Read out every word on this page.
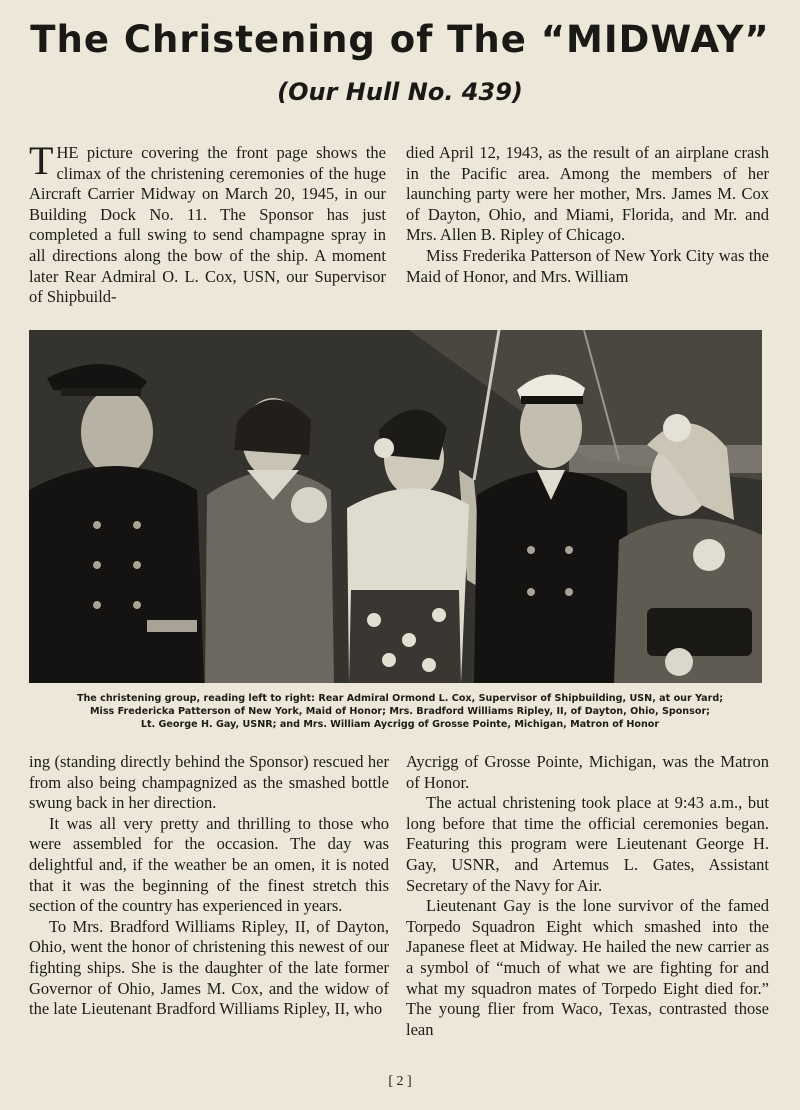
The Christening of The “MIDWAY”
(Our Hull No. 439)

THE picture covering the front page shows the climax of the christening ceremonies of the huge Aircraft Carrier Midway on March 20, 1945, in our Building Dock No. 11. The Sponsor has just completed a full swing to send champagne spray in all directions along the bow of the ship. A moment later Rear Admiral O. L. Cox, USN, our Supervisor of Shipbuild-

died April 12, 1943, as the result of an airplane crash in the Pacific area. Among the members of her launching party were her mother, Mrs. James M. Cox of Dayton, Ohio, and Miami, Florida, and Mr. and Mrs. Allen B. Ripley of Chicago.

Miss Frederika Patterson of New York City was the Maid of Honor, and Mrs. William

The christening group, reading left to right: Rear Admiral Ormond L. Cox, Supervisor of Shipbuilding, USN, at our Yard;
Miss Fredericka Patterson of New York, Maid of Honor; Mrs. Bradford Williams Ripley, II, of Dayton, Ohio, Sponsor;
Lt. George H. Gay, USNR; and Mrs. William Aycrigg of Grosse Pointe, Michigan, Matron of Honor

ing (standing directly behind the Sponsor) rescued her from also being champagnized as the smashed bottle swung back in her direction.

It was all very pretty and thrilling to those who were assembled for the occasion. The day was delightful and, if the weather be an omen, it is noted that it was the beginning of the finest stretch this section of the country has experienced in years.

To Mrs. Bradford Williams Ripley, II, of Dayton, Ohio, went the honor of christening this newest of our fighting ships. She is the daughter of the late former Governor of Ohio, James M. Cox, and the widow of the late Lieutenant Bradford Williams Ripley, II, who

Aycrigg of Grosse Pointe, Michigan, was the Matron of Honor.

The actual christening took place at 9:43 a.m., but long before that time the official ceremonies began. Featuring this program were Lieutenant George H. Gay, USNR, and Artemus L. Gates, Assistant Secretary of the Navy for Air.

Lieutenant Gay is the lone survivor of the famed Torpedo Squadron Eight which smashed into the Japanese fleet at Midway. He hailed the new carrier as a symbol of “much of what we are fighting for and what my squadron mates of Torpedo Eight died for.” The young flier from Waco, Texas, contrasted those lean

[ 2 ]
